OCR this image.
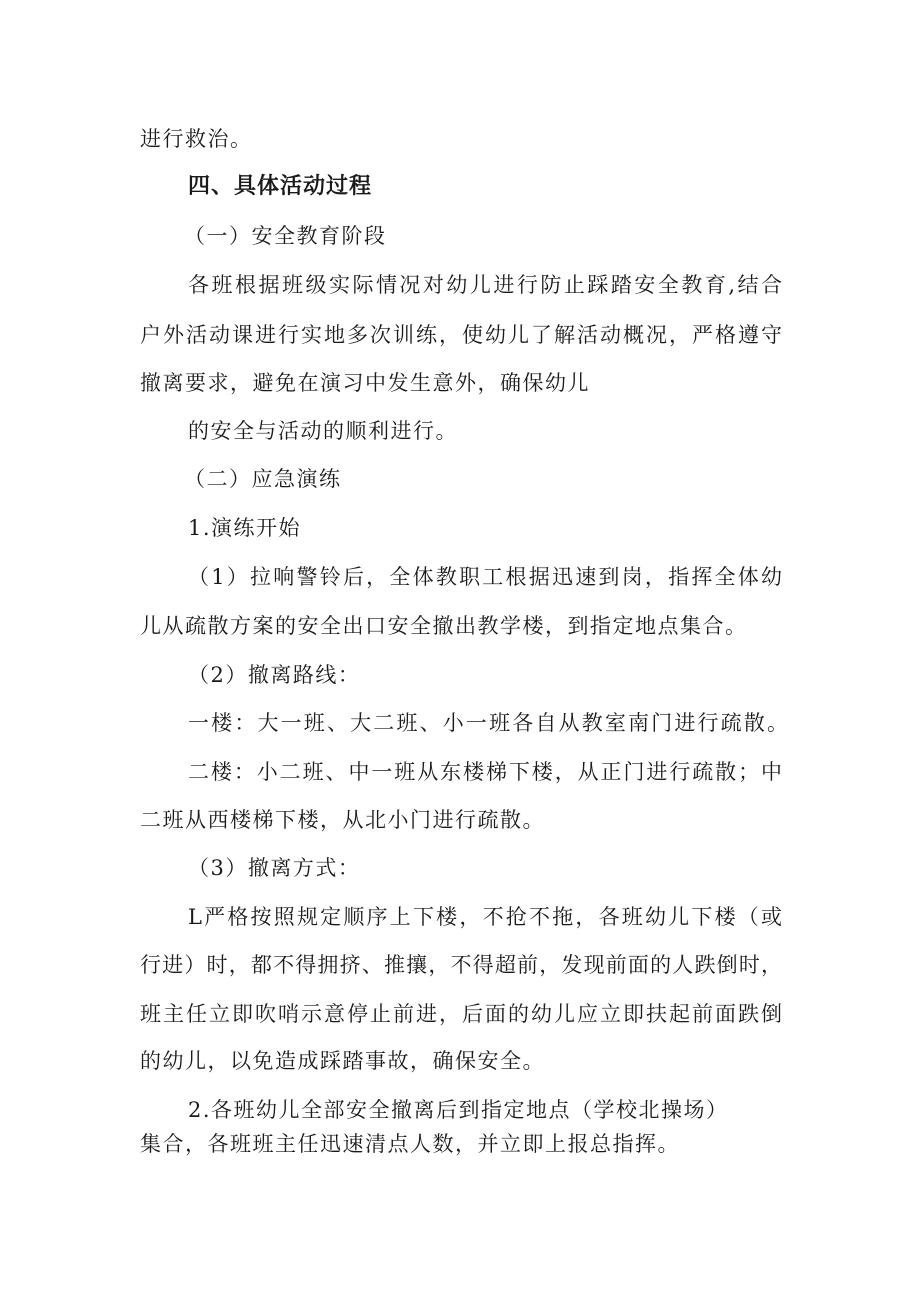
进行救治。
四、具体活动过程
（一）安全教育阶段
各班根据班级实际情况对幼儿进行防止踩踏安全教育,结合
户外活动课进行实地多次训练，使幼儿了解活动概况，严格遵守
撤离要求，避免在演习中发生意外，确保幼儿
的安全与活动的顺利进行。
（二）应急演练
1.演练开始
（1）拉响警铃后，全体教职工根据迅速到岗，指挥全体幼
儿从疏散方案的安全出口安全撤出教学楼，到指定地点集合。
（2）撤离路线：
一楼：大一班、大二班、小一班各自从教室南门进行疏散。
二楼：小二班、中一班从东楼梯下楼，从正门进行疏散；中
二班从西楼梯下楼，从北小门进行疏散。
（3）撤离方式：
L严格按照规定顺序上下楼，不抢不拖，各班幼儿下楼（或
行进）时，都不得拥挤、推攘，不得超前，发现前面的人跌倒时，
班主任立即吹哨示意停止前进，后面的幼儿应立即扶起前面跌倒
的幼儿，以免造成踩踏事故，确保安全。
2.各班幼儿全部安全撤离后到指定地点（学校北操场）
集合，各班班主任迅速清点人数，并立即上报总指挥。
